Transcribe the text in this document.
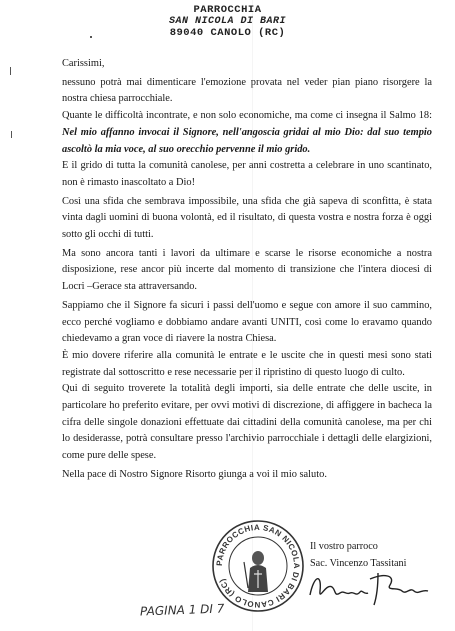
PARROCCHIA
SAN NICOLA DI BARI
89040 CANOLO (RC)

Carissimi,

nessuno potrà mai dimenticare l'emozione provata nel veder pian piano risorgere la nostra chiesa parrocchiale.

Quante le difficoltà incontrate, e non solo economiche, ma come ci insegna il Salmo 18: Nel mio affanno invocai il Signore, nell'angoscia gridai al mio Dio: dal suo tempio ascoltò la mia voce, al suo orecchio pervenne il mio grido.

E il grido di tutta la comunità canolese, per anni costretta a celebrare in uno scantinato, non è rimasto inascoltato a Dio!

Così una sfida che sembrava impossibile, una sfida che già sapeva di sconfitta, è stata vinta dagli uomini di buona volontà, ed il risultato, di questa vostra e nostra forza è oggi sotto gli occhi di tutti.

Ma sono ancora tanti i lavori da ultimare e scarse le risorse economiche a nostra disposizione, rese ancor più incerte dal momento di transizione che l'intera diocesi di Locri –Gerace sta attraversando.

Sappiamo che il Signore fa sicuri i passi dell'uomo e segue con amore il suo cammino, ecco perché vogliamo e dobbiamo andare avanti UNITI, così come lo eravamo quando chiedevamo a gran voce di riavere la nostra Chiesa.

È mio dovere riferire alla comunità le entrate e le uscite che in questi mesi sono stati registrate dal sottoscritto e rese necessarie per il ripristino di questo luogo di culto.

Qui di seguito troverete la totalità degli importi, sia delle entrate che delle uscite, in particolare ho preferito evitare, per ovvi motivi di discrezione, di affiggere in bacheca la cifra delle singole donazioni effettuate dai cittadini della comunità canolese, ma per chi lo desiderasse, potrà consultare presso l'archivio parrocchiale i dettagli delle elargizioni, come pure delle spese.

Nella pace di Nostro Signore Risorto giunga a voi il mio saluto.

PARROCCHIA SAN NICOLA DI BARI CANOLO (RC)
Il vostro parroco
Sac. Vincenzo Tassitani
PAGINA 1 DI 7
